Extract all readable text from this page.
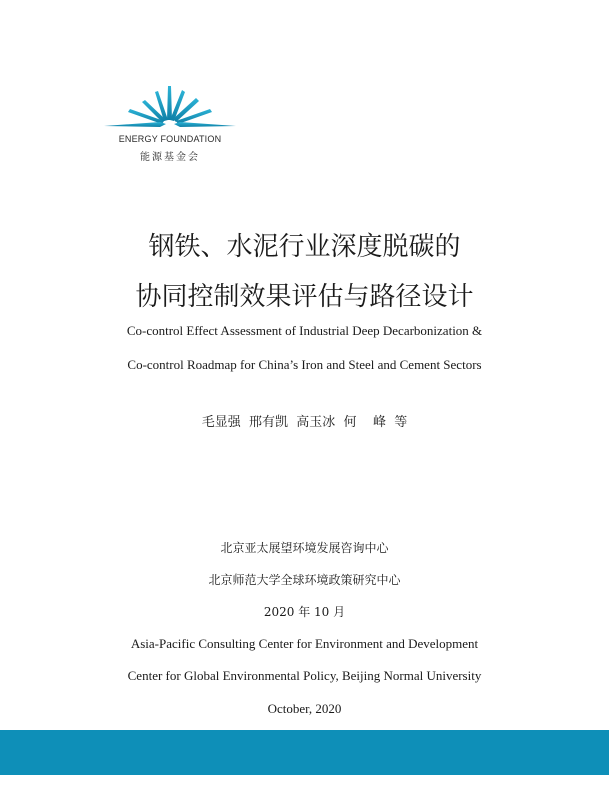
ENERGY FOUNDATION
能源基金会
钢铁、水泥行业深度脱碳的
协同控制效果评估与路径设计
Co-control Effect Assessment of Industrial Deep Decarbonization &
Co-control Roadmap for China’s Iron and Steel and Cement Sectors
毛显强  邢有凯  高玉冰  何    峰  等
北京亚太展望环境发展咨询中心
北京师范大学全球环境政策研究中心
2020 年 10 月
Asia-Pacific Consulting Center for Environment and Development
Center for Global Environmental Policy, Beijing Normal University
October, 2020
